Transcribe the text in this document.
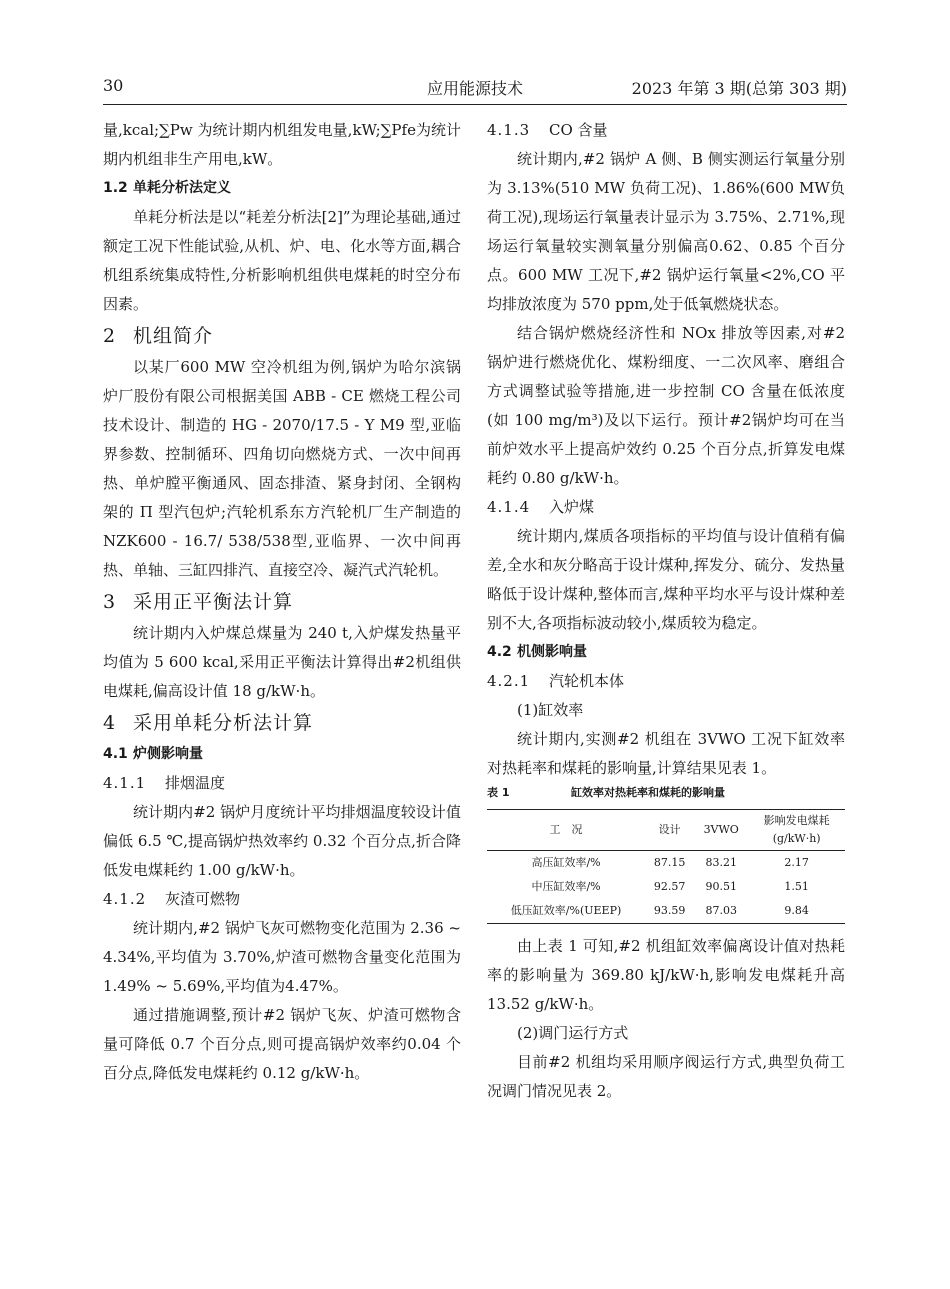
30	应用能源技术	2023 年第 3 期(总第 303 期)

量,kcal;∑Pw 为统计期内机组发电量,kW;∑Pfe为统计期内机组非生产用电,kW。

1.2 单耗分析法定义

单耗分析法是以“耗差分析法[2]”为理论基础,通过额定工况下性能试验,从机、炉、电、化水等方面,耦合机组系统集成特性,分析影响机组供电煤耗的时空分布因素。

2 机组简介

以某厂600 MW 空冷机组为例,锅炉为哈尔滨锅炉厂股份有限公司根据美国 ABB - CE 燃烧工程公司技术设计、制造的 HG - 2070/17.5 - Y M9 型,亚临界参数、控制循环、四角切向燃烧方式、一次中间再热、单炉膛平衡通风、固态排渣、紧身封闭、全钢构架的 Π 型汽包炉;汽轮机系东方汽轮机厂生产制造的 NZK600 - 16.7/ 538/538型,亚临界、一次中间再热、单轴、三缸四排汽、直接空冷、凝汽式汽轮机。

3 采用正平衡法计算

统计期内入炉煤总煤量为 240 t,入炉煤发热量平均值为 5 600 kcal,采用正平衡法计算得出#2机组供电煤耗,偏高设计值 18 g/kW·h。

4 采用单耗分析法计算
4.1 炉侧影响量
4.1.1 排烟温度

统计期内#2 锅炉月度统计平均排烟温度较设计值偏低 6.5 ℃,提高锅炉热效率约 0.32 个百分点,折合降低发电煤耗约 1.00 g/kW·h。

4.1.2 灰渣可燃物

统计期内,#2 锅炉飞灰可燃物变化范围为 2.36 ~ 4.34%,平均值为 3.70%,炉渣可燃物含量变化范围为 1.49% ~ 5.69%,平均值为4.47%。

通过措施调整,预计#2 锅炉飞灰、炉渣可燃物含量可降低 0.7 个百分点,则可提高锅炉效率约0.04 个百分点,降低发电煤耗约 0.12 g/kW·h。

4.1.3 CO 含量

统计期内,#2 锅炉 A 侧、B 侧实测运行氧量分别为 3.13%(510 MW 负荷工况)、1.86%(600 MW负荷工况),现场运行氧量表计显示为 3.75%、2.71%,现场运行氧量较实测氧量分别偏高0.62、0.85 个百分点。600 MW 工况下,#2 锅炉运行氧量<2%,CO 平均排放浓度为 570 ppm,处于低氧燃烧状态。

结合锅炉燃烧经济性和 NOx 排放等因素,对#2 锅炉进行燃烧优化、煤粉细度、一二次风率、磨组合方式调整试验等措施,进一步控制 CO 含量在低浓度(如 100 mg/m³)及以下运行。预计#2锅炉均可在当前炉效水平上提高炉效约 0.25 个百分点,折算发电煤耗约 0.80 g/kW·h。

4.1.4 入炉煤

统计期内,煤质各项指标的平均值与设计值稍有偏差,全水和灰分略高于设计煤种,挥发分、硫分、发热量略低于设计煤种,整体而言,煤种平均水平与设计煤种差别不大,各项指标波动较小,煤质较为稳定。

4.2 机侧影响量
4.2.1 汽轮机本体

(1)缸效率

统计期内,实测#2 机组在 3VWO 工况下缸效率对热耗率和煤耗的影响量,计算结果见表 1。

表 1	缸效率对热耗率和煤耗的影响量
工　况	设计	3VWO	影响发电煤耗
			(g/kW·h)
高压缸效率/%	87.15	83.21	2.17
中压缸效率/%	92.57	90.51	1.51
低压缸效率/%(UEEP)	93.59	87.03	9.84

由上表 1 可知,#2 机组缸效率偏离设计值对热耗率的影响量为 369.80 kJ/kW·h,影响发电煤耗升高 13.52 g/kW·h。

(2)调门运行方式

目前#2 机组均采用顺序阀运行方式,典型负荷工况调门情况见表 2。
